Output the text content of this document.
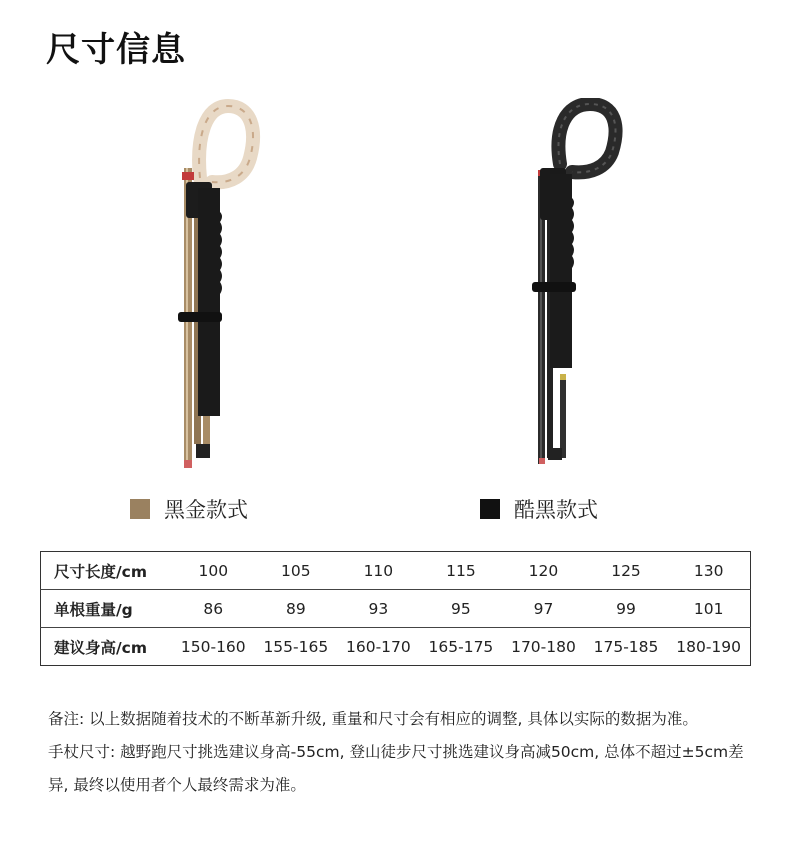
尺寸信息
黑金款式	酷黑款式
尺寸长度/cm	100	105	110	115	120	125	130
单根重量/g	86	89	93	95	97	99	101
建议身高/cm	150-160	155-165	160-170	165-175	170-180	175-185	180-190

备注: 以上数据随着技术的不断革新升级, 重量和尺寸会有相应的调整, 具体以实际的数据为准。

手杖尺寸: 越野跑尺寸挑选建议身高-55cm, 登山徒步尺寸挑选建议身高减50cm, 总体不超过±5cm差异, 最终以使用者个人最终需求为准。
